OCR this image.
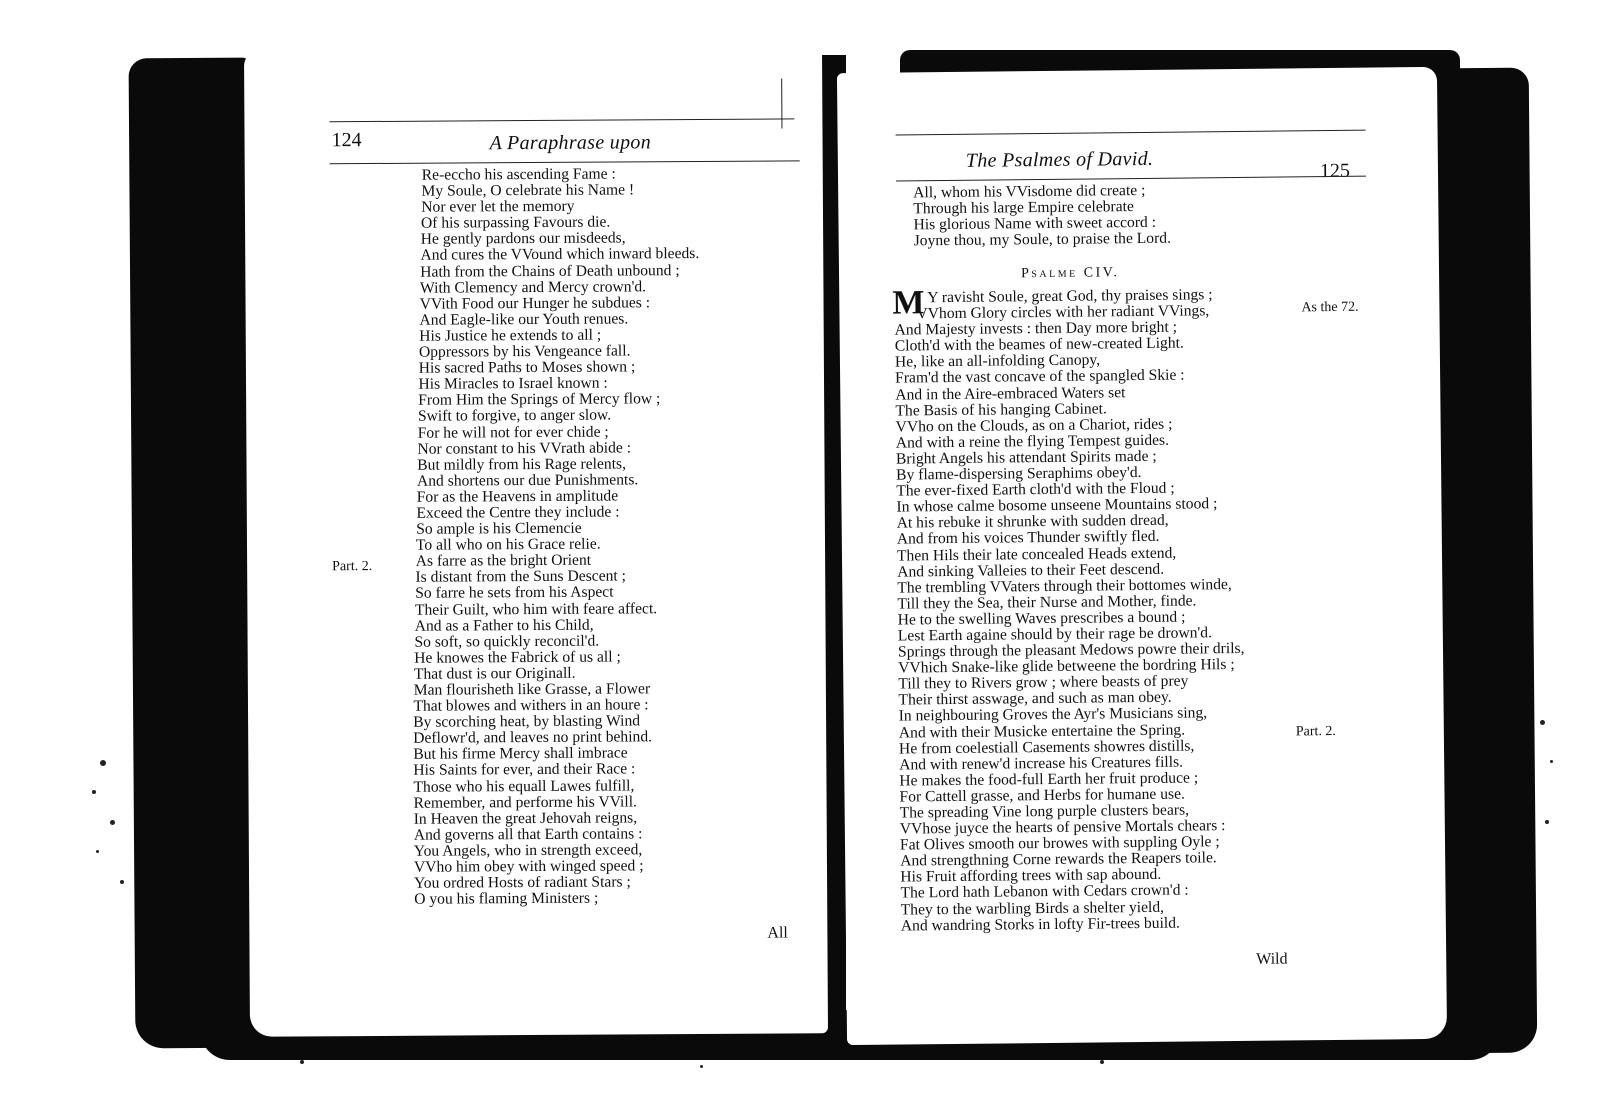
124	A Paraphrase upon
Part. 2.
Re-eccho his ascending Fame :
My Soule, O celebrate his Name !
Nor ever let the memory
Of his surpassing Favours die.
He gently pardons our misdeeds,
And cures the VVound which inward bleeds.
Hath from the Chains of Death unbound ;
With Clemency and Mercy crown'd.
VVith Food our Hunger he subdues :
And Eagle-like our Youth renues.
His Justice he extends to all ;
Oppressors by his Vengeance fall.
His sacred Paths to Moses shown ;
His Miracles to Israel known :
From Him the Springs of Mercy flow ;
Swift to forgive, to anger slow.
For he will not for ever chide ;
Nor constant to his VVrath abide :
But mildly from his Rage relents,
And shortens our due Punishments.
For as the Heavens in amplitude
Exceed the Centre they include :
So ample is his Clemencie
To all who on his Grace relie.
As farre as the bright Orient
Is distant from the Suns Descent ;
So farre he sets from his Aspect
Their Guilt, who him with feare affect.
And as a Father to his Child,
So soft, so quickly reconcil'd.
He knowes the Fabrick of us all ;
That dust is our Originall.
Man flourisheth like Grasse, a Flower
That blowes and withers in an houre :
By scorching heat, by blasting Wind
Deflowr'd, and leaves no print behind.
But his firme Mercy shall imbrace
His Saints for ever, and their Race :
Those who his equall Lawes fulfill,
Remember, and performe his VVill.
In Heaven the great Jehovah reigns,
And governs all that Earth contains :
You Angels, who in strength exceed,
VVho him obey with winged speed ;
You ordred Hosts of radiant Stars ;
O you his flaming Ministers ;
All
The Psalmes of David.	125
All, whom his VVisdome did create ;
Through his large Empire celebrate
His glorious Name with sweet accord :
Joyne thou, my Soule, to praise the Lord.
Psalme CIV.
As the 72.
Part. 2.
M Y ravisht Soule, great God, thy praises sings ;
VVhom Glory circles with her radiant VVings,
And Majesty invests : then Day more bright ;
Cloth'd with the beames of new-created Light.
He, like an all-infolding Canopy,
Fram'd the vast concave of the spangled Skie :
And in the Aire-embraced Waters set
The Basis of his hanging Cabinet.
VVho on the Clouds, as on a Chariot, rides ;
And with a reine the flying Tempest guides.
Bright Angels his attendant Spirits made ;
By flame-dispersing Seraphims obey'd.
The ever-fixed Earth cloth'd with the Floud ;
In whose calme bosome unseene Mountains stood ;
At his rebuke it shrunke with sudden dread,
And from his voices Thunder swiftly fled.
Then Hils their late concealed Heads extend,
And sinking Valleies to their Feet descend.
The trembling VVaters through their bottomes winde,
Till they the Sea, their Nurse and Mother, finde.
He to the swelling Waves prescribes a bound ;
Lest Earth againe should by their rage be drown'd.
Springs through the pleasant Medows powre their drils,
VVhich Snake-like glide betweene the bordring Hils ;
Till they to Rivers grow ; where beasts of prey
Their thirst asswage, and such as man obey.
In neighbouring Groves the Ayr's Musicians sing,
And with their Musicke entertaine the Spring.
He from coelestiall Casements showres distills,
And with renew'd increase his Creatures fills.
He makes the food-full Earth her fruit produce ;
For Cattell grasse, and Herbs for humane use.
The spreading Vine long purple clusters bears,
VVhose juyce the hearts of pensive Mortals chears :
Fat Olives smooth our browes with suppling Oyle ;
And strengthning Corne rewards the Reapers toile.
His Fruit affording trees with sap abound.
The Lord hath Lebanon with Cedars crown'd :
They to the warbling Birds a shelter yield,
And wandring Storks in lofty Fir-trees build.
Wild
